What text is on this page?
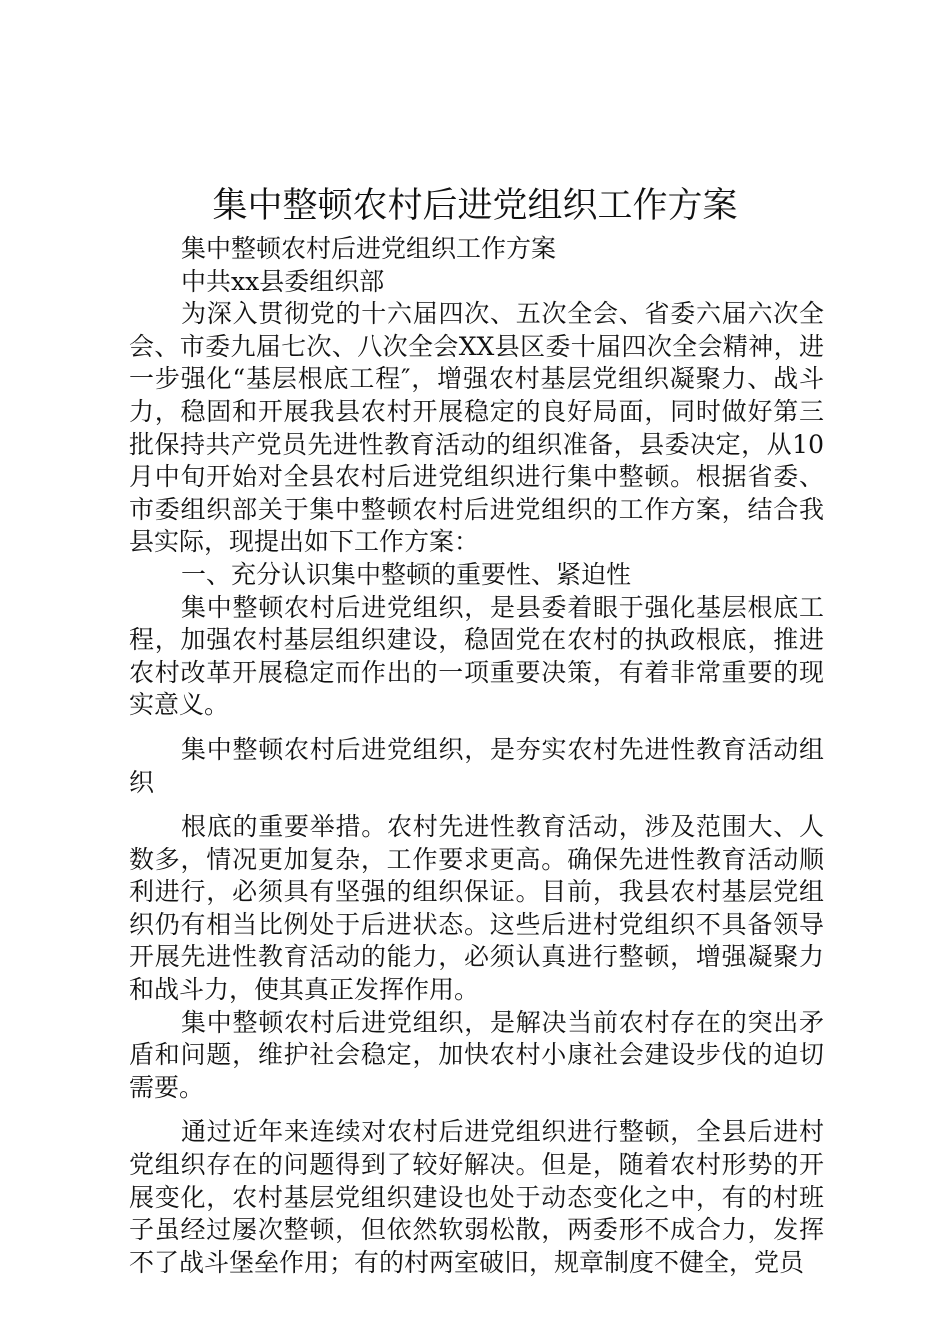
集中整顿农村后进党组织工作方案

集中整顿农村后进党组织工作方案

中共xx县委组织部

为深入贯彻党的十六届四次、五次全会、省委六届六次全会、市委九届七次、八次全会XX县区委十届四次全会精神，进一步强化“基层根底工程″，增强农村基层党组织凝聚力、战斗力，稳固和开展我县农村开展稳定的良好局面，同时做好第三批保持共产党员先进性教育活动的组织准备，县委决定，从10月中旬开始对全县农村后进党组织进行集中整顿。根据省委、市委组织部关于集中整顿农村后进党组织的工作方案，结合我县实际，现提出如下工作方案：

一、充分认识集中整顿的重要性、紧迫性

集中整顿农村后进党组织，是县委着眼于强化基层根底工程，加强农村基层组织建设，稳固党在农村的执政根底，推进农村改革开展稳定而作出的一项重要决策，有着非常重要的现实意义。

集中整顿农村后进党组织，是夯实农村先进性教育活动组织

根底的重要举措。农村先进性教育活动，涉及范围大、人数多，情况更加复杂，工作要求更高。确保先进性教育活动顺利进行，必须具有坚强的组织保证。目前，我县农村基层党组织仍有相当比例处于后进状态。这些后进村党组织不具备领导开展先进性教育活动的能力，必须认真进行整顿，增强凝聚力和战斗力，使其真正发挥作用。

集中整顿农村后进党组织，是解决当前农村存在的突出矛盾和问题，维护社会稳定，加快农村小康社会建设步伐的迫切需要。

通过近年来连续对农村后进党组织进行整顿，全县后进村党组织存在的问题得到了较好解决。但是，随着农村形势的开展变化，农村基层党组织建设也处于动态变化之中，有的村班子虽经过屡次整顿，但依然软弱松散，两委形不成合力，发挥不了战斗堡垒作用；有的村两室破旧，规章制度不健全，党员
